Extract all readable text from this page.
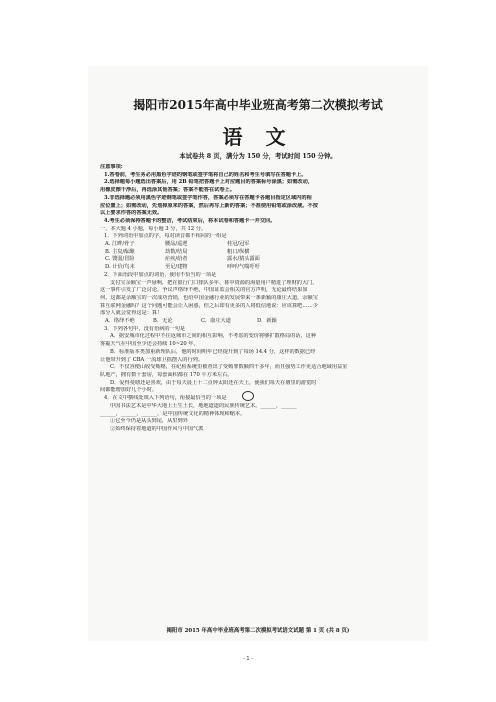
揭阳市2015年高中毕业班高考第二次模拟考试
语 文
本试卷共 8 页，满分为 150 分，考试时间 150 分钟。

注意事项:

1.答卷前，考生务必用黑色字迹的钢笔或签字笔将自己的姓名和考生号填写在答题卡上。

2.选择题每小题选出答案后，用 2B 铅笔把答题卡上对应题目的答案标号涂黑；如需改动，

用橡皮擦干净后，再选涂其他答案；答案不能答在试卷上。

3.非选择题必须用黑色字迹钢笔或签字笔作答，答案必须写在答题卡各题目指定区域内的相

应位置上；如需改动，先划掉原来的答案，然后再写上新的答案；不准使用铅笔或涂改液。不按

以上要求作答的答案无效。

4.考生必须保持答题卡的整洁，考试结束后，将本试卷和答题卡一并交回。

一、本大题 4 小题，每小题 3 分，共 12 分。

1．下列词语中加点的字，每对读音都不相同的一组是

A. 江畔/骨子	腰品/巡逻	桂冠/冠军
B. 主臭/酝酿	劫数/结局	粗口/纵横
C. 馊弱/冒险	疟疾/给者	露水/猜头露面
D. 计价/鸟未	至足/建物	呼呼/气喘吁吁

2．下面语段中加点的词语，使用不恰当的一项是

支付宝余额宝一声悬响，把在银行门口排队多年、暮中资源的海量用户精进了理财的大门。

这一事件引发了广泛讨论，争议声络绎不绝，中国证监会相关的官方声明，无论最终结果如

何，这都是余额宝的一次成功营销，也给中国金融行业的发展带来一条新颖的康庄大道，余额宝

算互联网金融吗？这个问题可能会让人困惑，但之后却有更多的人将低信地说：应该算吧……少

部分人就会觉得这是：算！

A．络绎不绝	B．无论	C．康庄大道	D．新颖

3．下列各句中，没有语病的一句是

A．据安城市化过程中不往返城市之间的相互影响，不考虑的变价将够扩散格局的话，这种

雾霾天气在中国至少还会持续 10~20 年。

B．标准版本类加重新理队后，他的时间明年已经提升到了每场 14.4 分，这样的数据已经

让他带升到了 CBA 一流球卫摇摆人的行列。

C．不仅容便山收受贿赂，在纪检系统里被查出了受贿罪数额四千多年，而且强势工作更适合地域用益室

队地产，拥有数十套房，每套面积都在 170 平方米左右。

D．爱得曼塘还是喜欢，由于每天晨上十二点钟太阳还在天上，使我们每天在塘里的游览时

间都能增加好几个小时。

4．在文中横线处填入下列语句，衔接最恰当的一项是

中国书法艺术是中华大地上土生土长，地地道道的民族传统艺术。______，______

______，______，______，是中国传统文化的精神体现和缩本。

①它至今仍是从头到尾，从里到外

②始终保持着地道的中国作风与中国气派

揭阳市 2015 年高中毕业班高考第二次模拟考试语文试题 第 1 页 (共 8 页)
- 1 -
